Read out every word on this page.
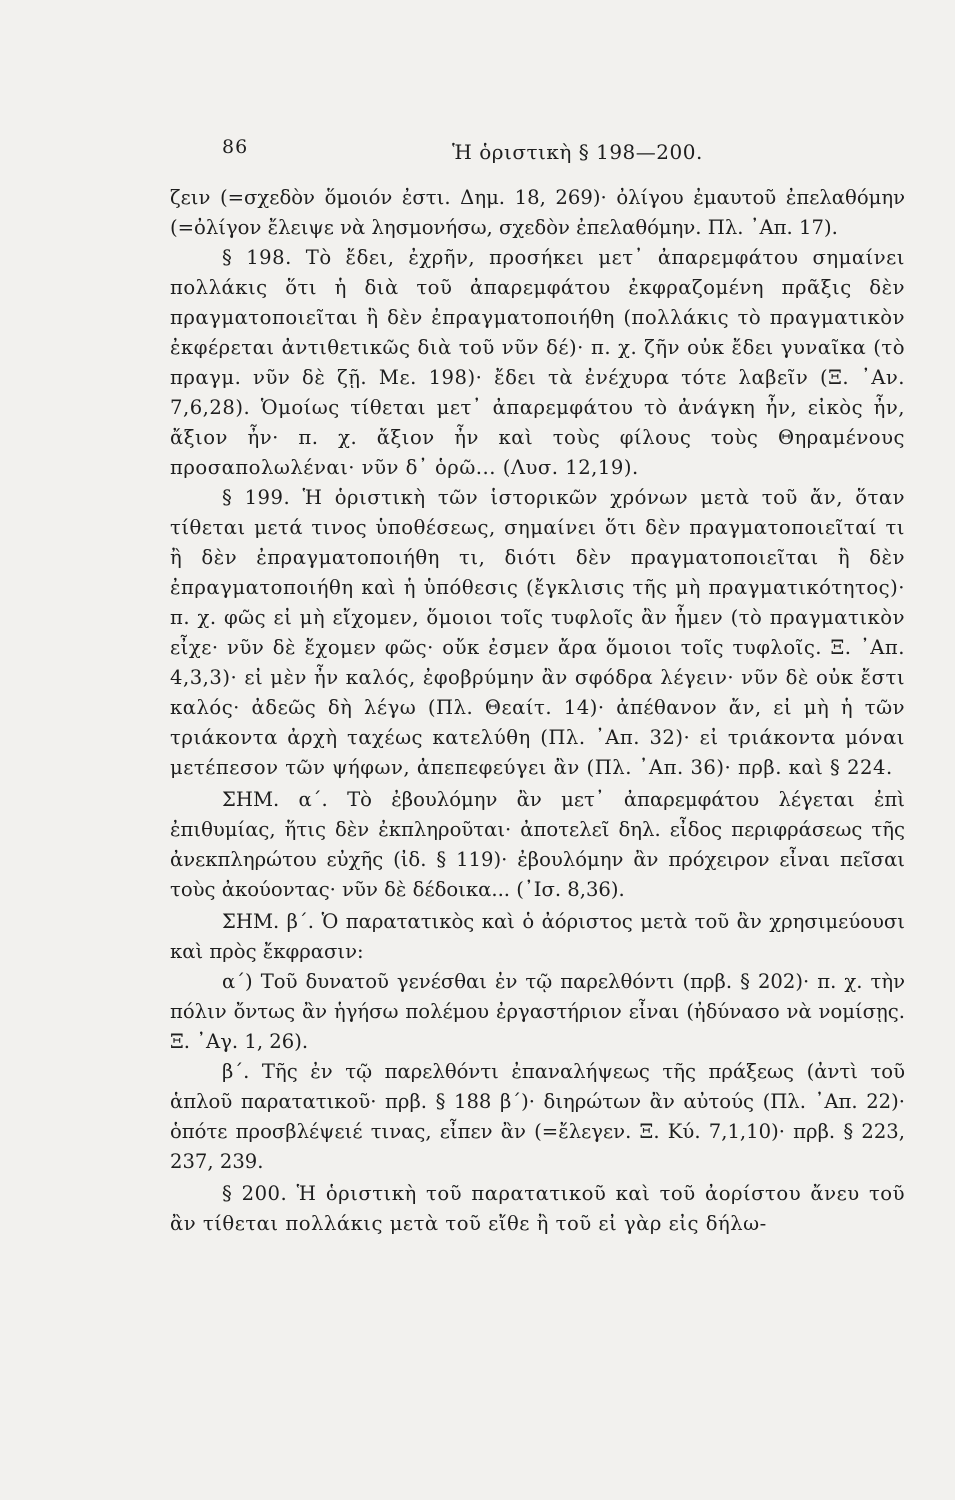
86	Ἡ ὁριστικὴ § 198—200.

ζειν (=σχεδὸν ὅμοιόν ἐστι. Δημ. 18, 269)· ὀλίγου ἐμαυτοῦ ἐπελαθόμην (=ὀλίγον ἔλειψε νὰ λησμονήσω, σχεδὸν ἐπελαθόμην. Πλ. ᾿Απ. 17).

§ 198. Τὸ ἔδει, ἐχρῆν, προσήκει μετ᾽ ἀπαρεμφάτου σημαίνει πολλάκις ὅτι ἡ διὰ τοῦ ἀπαρεμφάτου ἐκφραζομένη πρᾶξις δὲν πραγματοποιεῖται ἢ δὲν ἐπραγματοποιήθη (πολλάκις τὸ πραγματικὸν ἐκφέρεται ἀντιθετικῶς διὰ τοῦ νῦν δέ)· π. χ. ζῆν οὐκ ἔδει γυναῖκα (τὸ πραγμ. νῦν δὲ ζῇ. Με. 198)· ἔδει τὰ ἐνέχυρα τότε λαβεῖν (Ξ. ᾿Αν. 7,6,28). Ὁμοίως τίθεται μετ᾽ ἀπαρεμφάτου τὸ ἀνάγκη ἦν, εἰκὸς ἦν, ἄξιον ἦν· π. χ. ἄξιον ἦν καὶ τοὺς φίλους τοὺς Θηραμένους προσαπολωλέναι· νῦν δ᾽ ὁρῶ... (Λυσ. 12,19).

§ 199. Ἡ ὁριστικὴ τῶν ἱστορικῶν χρόνων μετὰ τοῦ ἄν, ὅταν τίθεται μετά τινος ὑποθέσεως, σημαίνει ὅτι δὲν πραγματοποιεῖταί τι ἢ δὲν ἐπραγματοποιήθη τι, διότι δὲν πραγματοποιεῖται ἢ δὲν ἐπραγματοποιήθη καὶ ἡ ὑπόθεσις (ἔγκλισις τῆς μὴ πραγματικότητος)· π. χ. φῶς εἰ μὴ εἴχομεν, ὅμοιοι τοῖς τυφλοῖς ἂν ἦμεν (τὸ πραγματικὸν εἶχε· νῦν δὲ ἔχομεν φῶς· οὔκ ἐσμεν ἄρα ὅμοιοι τοῖς τυφλοῖς. Ξ. ᾿Απ. 4,3,3)· εἰ μὲν ἦν καλός, ἐφοβρύμην ἂν σφόδρα λέγειν· νῦν δὲ οὐκ ἔστι καλός· ἀδεῶς δὴ λέγω (Πλ. Θεαίτ. 14)· ἀπέθανον ἄν, εἰ μὴ ἡ τῶν τριάκοντα ἀρχὴ ταχέως κατελύθη (Πλ. ᾿Απ. 32)· εἰ τριάκοντα μόναι μετέπεσον τῶν ψήφων, ἀπεπεφεύγει ἂν (Πλ. ᾿Απ. 36)· πρβ. καὶ § 224.

ΣΗΜ. α΄. Τὸ ἐβουλόμην ἂν μετ᾽ ἀπαρεμφάτου λέγεται ἐπὶ ἐπιθυμίας, ἥτις δὲν ἐκπληροῦται· ἀποτελεῖ δηλ. εἶδος περιφράσεως τῆς ἀνεκπληρώτου εὐχῆς (ἰδ. § 119)· ἐβουλόμην ἂν πρόχειρον εἶναι πεῖσαι τοὺς ἀκούοντας· νῦν δὲ δέδοικα... (᾿Ισ. 8,36).

ΣΗΜ. β΄. Ὁ παρατατικὸς καὶ ὁ ἀόριστος μετὰ τοῦ ἂν χρησιμεύουσι καὶ πρὸς ἔκφρασιν:

α΄) Τοῦ δυνατοῦ γενέσθαι ἐν τῷ παρελθόντι (πρβ. § 202)· π. χ. τὴν πόλιν ὄντως ἂν ἡγήσω πολέμου ἐργαστήριον εἶναι (ἠδύνασο νὰ νομίσῃς. Ξ. ᾿Αγ. 1, 26).

β΄. Τῆς ἐν τῷ παρελθόντι ἐπαναλήψεως τῆς πράξεως (ἀντὶ τοῦ ἁπλοῦ παρατατικοῦ· πρβ. § 188 β΄)· διηρώτων ἂν αὐτούς (Πλ. ᾿Απ. 22)· ὁπότε προσβλέψειέ τινας, εἶπεν ἂν (=ἔλεγεν. Ξ. Κύ. 7,1,10)· πρβ. § 223, 237, 239.

§ 200. Ἡ ὁριστικὴ τοῦ παρατατικοῦ καὶ τοῦ ἀορίστου ἄνευ τοῦ ἂν τίθεται πολλάκις μετὰ τοῦ εἴθε ἢ τοῦ εἰ γὰρ εἰς δήλω-
